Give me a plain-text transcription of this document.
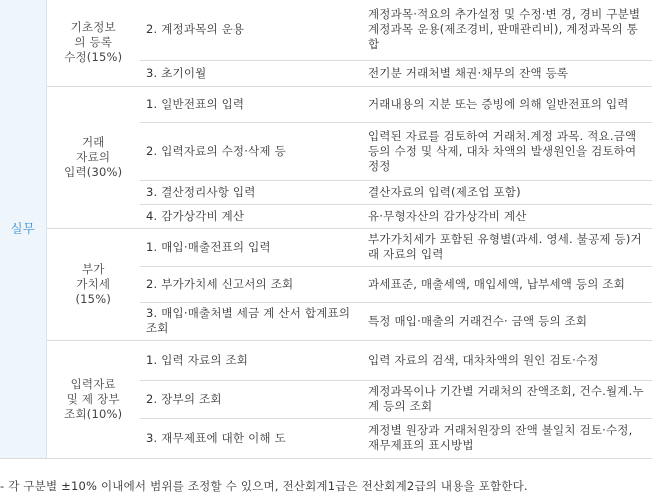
실무	기초정보
의 등록
수정(15%)	2. 계정과목의 운용	계정과목·적요의 추가설정 및 수정·변 경, 경비 구분별 계정과목 운용(제조경비, 판매관리비), 계정과목의 통합
		3. 초기이월	전기분 거래처별 채권·채무의 잔액 등록
	거래
자료의
입력(30%)	1. 일반전표의 입력	거래내용의 지분 또는 증빙에 의해 일반전표의 입력
		2. 입력자료의 수정·삭제 등	입력된 자료를 검토하여 거래처.계정 과목. 적요.금액 등의 수정 및 삭제, 대차 차액의 발생원인을 검토하여 정정
		3. 결산정리사항 입력	결산자료의 입력(제조업 포함)
		4. 감가상각비 계산	유·무형자산의 감가상각비 계산
	부가
가치세
(15%)	1. 매입·매출전표의 입력	부가가치세가 포함된 유형별(과세. 영세. 불공제 등)거래 자료의 입력
		2. 부가가치세 신고서의 조회	과세표준, 매출세액, 매입세액, 납부세액 등의 조회
		3. 매입·매출처별 세금 계 산서 합계표의 조회	특정 매입·매출의 거래건수· 금액 등의 조회
	입력자료
및 제 장부
조회(10%)	1. 입력 자료의 조회	입력 자료의 검색, 대차차액의 원인 검토·수정
		2. 장부의 조회	계정과목이나 기간별 거래처의 잔액조회, 건수.월계.누계 등의 조회
		3. 재무제표에 대한 이해 도	계정별 원장과 거래처원장의 잔액 불일치 검토·수정, 재무제표의 표시방법
- 각 구분별 ±10% 이내에서 범위를 조정할 수 있으며, 전산회계1급은 전산회계2급의 내용을 포함한다.
